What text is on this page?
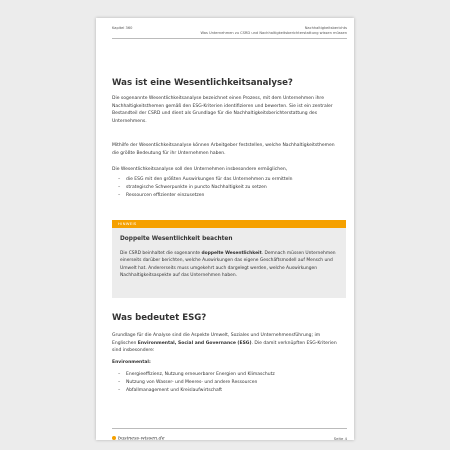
Kapitel 360	Nachhaltigkeitsberichts
Was Unternehmen zu CSRD und Nachhaltigkeitsberichterstattung wissen müssen
Was ist eine Wesentlichkeitsanalyse?
Die sogenannte Wesentlichkeitsanalyse bezeichnet einen Prozess, mit dem Unternehmen ihre Nachhaltigkeitsthemen gemäß den ESG-Kriterien identifizieren und bewerten. Sie ist ein zentraler Bestandteil der CSRD und dient als Grundlage für die Nachhaltigkeitsberichterstattung des Unternehmens.
Mithilfe der Wesentlichkeitsanalyse können Arbeitgeber feststellen, welche Nachhaltigkeitsthemen die größte Bedeutung für ihr Unternehmen haben.
Die Wesentlichkeitsanalyse soll den Unternehmen insbesondere ermöglichen,
– die ESG mit den größten Auswirkungen für das Unternehmen zu ermitteln
– strategische Schwerpunkte in puncto Nachhaltigkeit zu setzen
– Ressourcen effizienter einzusetzen
HINWEIS
Doppelte Wesentlichkeit beachten
Die CSRD beinhaltet die sogenannte doppelte Wesentlichkeit. Demnach müssen Unternehmen einerseits darüber berichten, welche Auswirkungen das eigene Geschäftsmodell auf Mensch und Umwelt hat. Andererseits muss umgekehrt auch dargelegt werden, welche Auswirkungen Nachhaltigkeitsaspekte auf das Unternehmen haben.
Was bedeutet ESG?
Grundlage für die Analyse sind die Aspekte Umwelt, Soziales und Unternehmensführung; im Englischen Environmental, Social and Governance (ESG). Die damit verknüpften ESG-Kriterien sind insbesondere:
Environmental:
– Energieeffizienz, Nutzung erneuerbarer Energien und Klimaschutz
– Nutzung von Wasser- und Meeres- und andere Ressourcen
– Abfallmanagement und Kreislaufwirtschaft
business-wissen.de	Seite 4
